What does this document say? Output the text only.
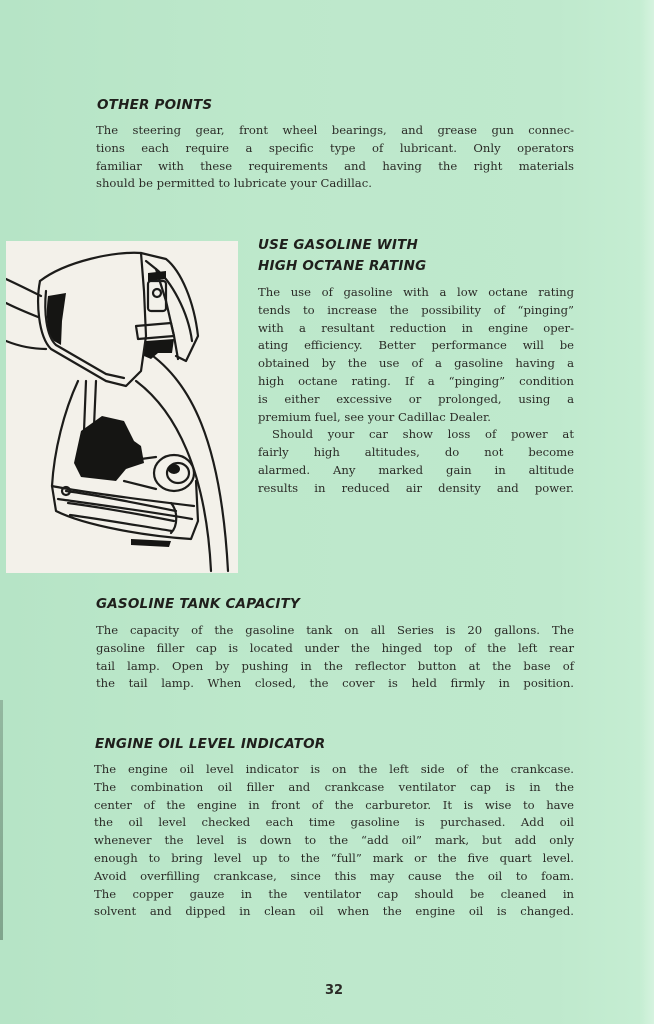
OTHER POINTS
The steering gear, front wheel bearings, and grease gun connec-
tions each require a specific type of lubricant. Only operators
familiar with these requirements and having the right materials
should be permitted to lubricate your Cadillac.
USE GASOLINE WITH
HIGH OCTANE RATING
The use of gasoline with a low octane rating
tends to increase the possibility of “pinging”
with a resultant reduction in engine oper-
ating efficiency. Better performance will be
obtained by the use of a gasoline having a
high octane rating. If a “pinging” condition
is either excessive or prolonged, using a
premium fuel, see your Cadillac Dealer.
Should your car show loss of power at
fairly high altitudes, do not become
alarmed. Any marked gain in altitude
results in reduced air density and power.
GASOLINE TANK CAPACITY
The capacity of the gasoline tank on all Series is 20 gallons. The
gasoline filler cap is located under the hinged top of the left rear
tail lamp. Open by pushing in the reflector button at the base of
the tail lamp. When closed, the cover is held firmly in position.
ENGINE OIL LEVEL INDICATOR
The engine oil level indicator is on the left side of the crankcase.
The combination oil filler and crankcase ventilator cap is in the
center of the engine in front of the carburetor. It is wise to have
the oil level checked each time gasoline is purchased. Add oil
whenever the level is down to the “add oil” mark, but add only
enough to bring level up to the “full” mark or the five quart level.
Avoid overfilling crankcase, since this may cause the oil to foam.
The copper gauze in the ventilator cap should be cleaned in
solvent and dipped in clean oil when the engine oil is changed.
32
